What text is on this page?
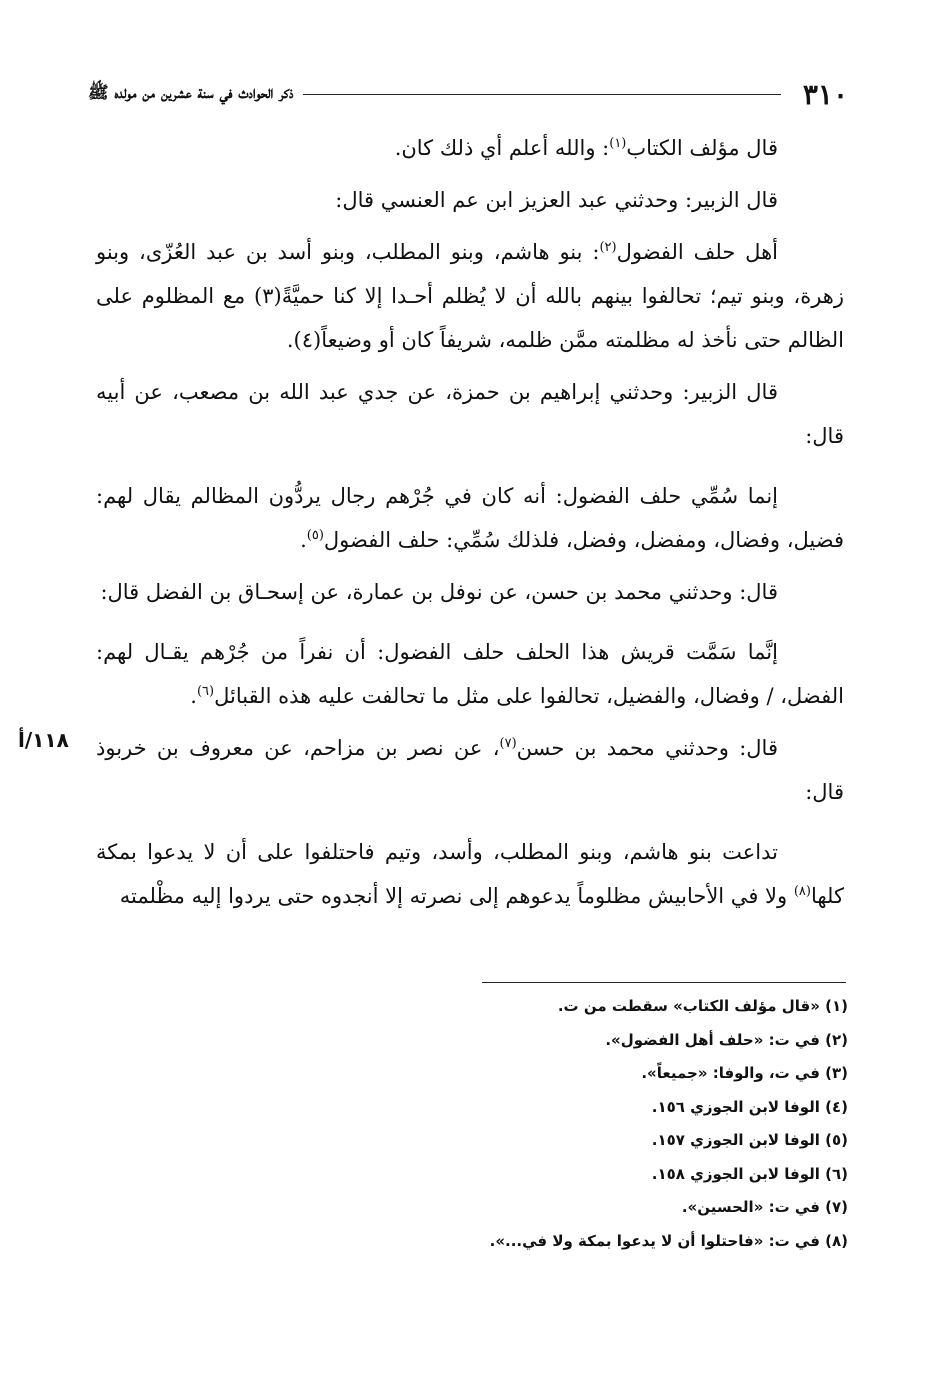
٣١٠
ذكر الحوادث في سنة عشرين من مولده ﷺ

قال مؤلف الكتاب$^{(١)}$: والله أعلم أي ذلك كان.

قال الزبير: وحدثني عبد العزيز ابن عم العنسي قال:

أهل حلف الفضول$^{(٢)}$: بنو هاشم، وبنو المطلب، وبنو أسد بن عبد العُزّى، وبنو زهرة، وبنو تيم؛ تحالفوا بينهم بالله أن لا يُظلم أحـدا إلا كنا حميَّةً(٣) مع المظلوم على الظالم حتى نأخذ له مظلمته ممَّن ظلمه، شريفاً كان أو وضيعاً(٤).

قال الزبير: وحدثني إبراهيم بن حمزة، عن جدي عبد الله بن مصعب، عن أبيه قال:

إنما سُمِّي حلف الفضول: أنه كان في جُرْهم رجال يردُّون المظالم يقال لهم: فضيل، وفضال، ومفضل، وفضل، فلذلك سُمِّي: حلف الفضول$^{(٥)}$.

قال: وحدثني محمد بن حسن، عن نوفل بن عمارة، عن إسحـاق بن الفضل قال:

إنَّما سَمَّت قريش هذا الحلف حلف الفضول: أن نفراً من جُرْهم يقـال لهم: الفضل، / وفضال، والفضيل، تحالفوا على مثل ما تحالفت عليه هذه القبائل$^{(٦)}$.

قال: وحدثني محمد بن حسن$^{(٧)}$، عن نصر بن مزاحم، عن معروف بن خربوذ قال:

تداعت بنو هاشم، وبنو المطلب، وأسد، وتيم فاحتلفوا على أن لا يدعوا بمكة كلها$^{(٨)}$ ولا في الأحابيش مظلوماً يدعوهم إلى نصرته إلا أنجدوه حتى يردوا إليه مظْلمته

١١٨/أ
(١) «قال مؤلف الكتاب» سقطت من ت.
(٢) في ت: «حلف أهل الفضول».
(٣) في ت، والوفا: «جميعاً».
(٤) الوفا لابن الجوزي ١٥٦.
(٥) الوفا لابن الجوزي ١٥٧.
(٦) الوفا لابن الجوزي ١٥٨.
(٧) في ت: «الحسين».
(٨) في ت: «فاحتلوا أن لا يدعوا بمكة ولا في...».
